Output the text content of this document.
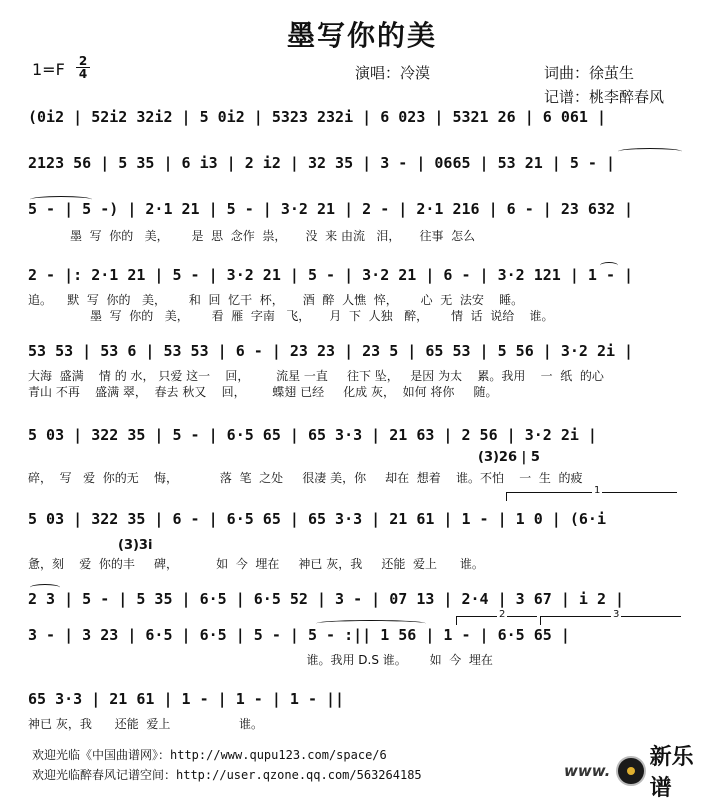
墨写你的美
演唱：冷漠	词曲：徐茧生
记谱：桃李醉春风
1=F 2
4
(0i2 | 52i2 32i2 | 5 0i2 | 5323 232i | 6 023 | 5321 26 | 6 061 |
2123 56 | 5 35 | 6 i3 | 2 i2 | 32 35 | 3 - | 0665 | 53 21 | 5 - |
5 - | 5 -) | 2·1 21 | 5 - | 3·2 21 | 2 - | 2·1 216 | 6 - | 23 632 |
墨  写  你的   美，      是  思  念作  祟，     没  来 由流   泪，     往事  怎么
2 - |: 2·1 21 | 5 - | 3·2 21 | 5 - | 3·2 21 | 6 - | 3·2 121 | 1 - |
追。    默  写  你的   美，      和  回  忆干  杯，     酒  醉  人憔  悴，      心  无  法安    睡。
墨  写  你的   美，      看  雁  字南   飞，     月  下  人独   醉，      情  话  说给    谁。
53 53 | 53 6 | 53 53 | 6 - | 23 23 | 23 5 | 65 53 | 5 56 | 3·2 2i |
大海  盛满    情 的 水， 只爱 这一    回，       流星 一直     往下 坠，   是因 为太    累。我用    一  纸  的心
青山 不再    盛满 翠，  春去 秋又    回，       蝶翅 已经     化成 灰，  如何 将你     随。
5 03 | 322 35 | 5 - | 6·5 65 | 65 3·3 | 21 63 | 2 56 | 3·2 2i |
(3)26 | 5
碎，  写   爱  你的无    悔，           落  笔  之处     很凄 美，你     却在  想着    谁。不怕    一  生  的疲
1
5 03 | 322 35 | 6 - | 6·5 65 | 65 3·3 | 21 61 | 1 - | 1 0 | (6·i
(3)3i
惫，刻    爱  你的丰     碑，          如  今  埋在     神已 灰，我     还能  爱上      谁。
2 3 | 5 - | 5 35 | 6·5 | 6·5 52 | 3 - | 07 13 | 2·4 | 3 67 | i 2 |
2	3
3 - | 3 23 | 6·5 | 6·5 | 5 - | 5 - :|| 1 56 | 1 - | 6·5 65 |
谁。我用 D.S 谁。      如  今  埋在
65 3·3 | 21 61 | 1 - | 1 - | 1 - ||
神已 灰，我      还能  爱上                  谁。
欢迎光临《中国曲谱网》：http://www.qupu123.com/space/6
欢迎光临醉春风记谱空间：http://user.qzone.qq.com/563264185	www.
新乐谱
